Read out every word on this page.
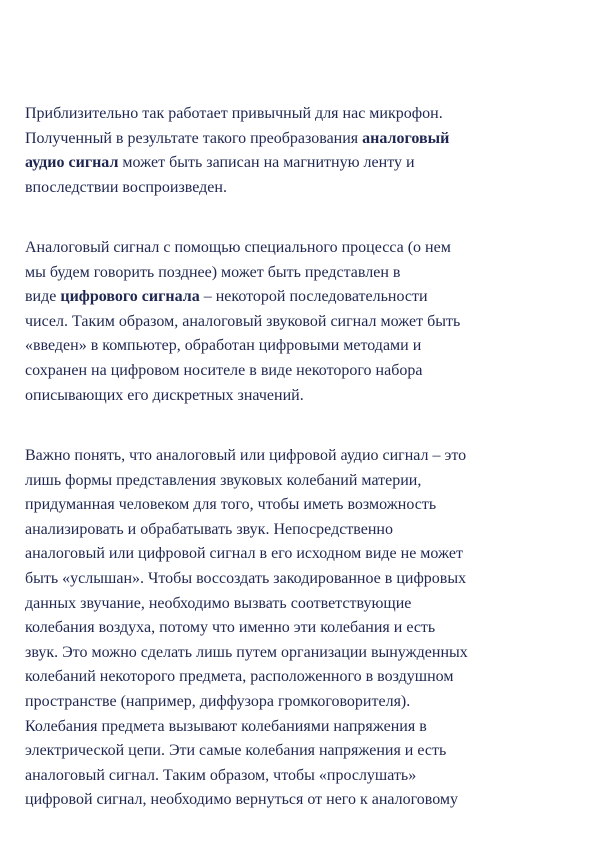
Приблизительно так работает привычный для нас микрофон.
Полученный в результате такого преобразования аналоговый
аудио сигнал может быть записан на магнитную ленту и
впоследствии воспроизведен.

Аналоговый сигнал с помощью специального процесса (о нем
мы будем говорить позднее) может быть представлен в
виде цифрового сигнала – некоторой последовательности
чисел. Таким образом, аналоговый звуковой сигнал может быть
«введен» в компьютер, обработан цифровыми методами и
сохранен на цифровом носителе в виде некоторого набора
описывающих его дискретных значений.

Важно понять, что аналоговый или цифровой аудио сигнал – это
лишь формы представления звуковых колебаний материи,
придуманная человеком для того, чтобы иметь возможность
анализировать и обрабатывать звук. Непосредственно
аналоговый или цифровой сигнал в его исходном виде не может
быть «услышан». Чтобы воссоздать закодированное в цифровых
данных звучание, необходимо вызвать соответствующие
колебания воздуха, потому что именно эти колебания и есть
звук. Это можно сделать лишь путем организации вынужденных
колебаний некоторого предмета, расположенного в воздушном
пространстве (например, диффузора громкоговорителя).
Колебания предмета вызывают колебаниями напряжения в
электрической цепи. Эти самые колебания напряжения и есть
аналоговый сигнал. Таким образом, чтобы «прослушать»
цифровой сигнал, необходимо вернуться от него к аналоговому
